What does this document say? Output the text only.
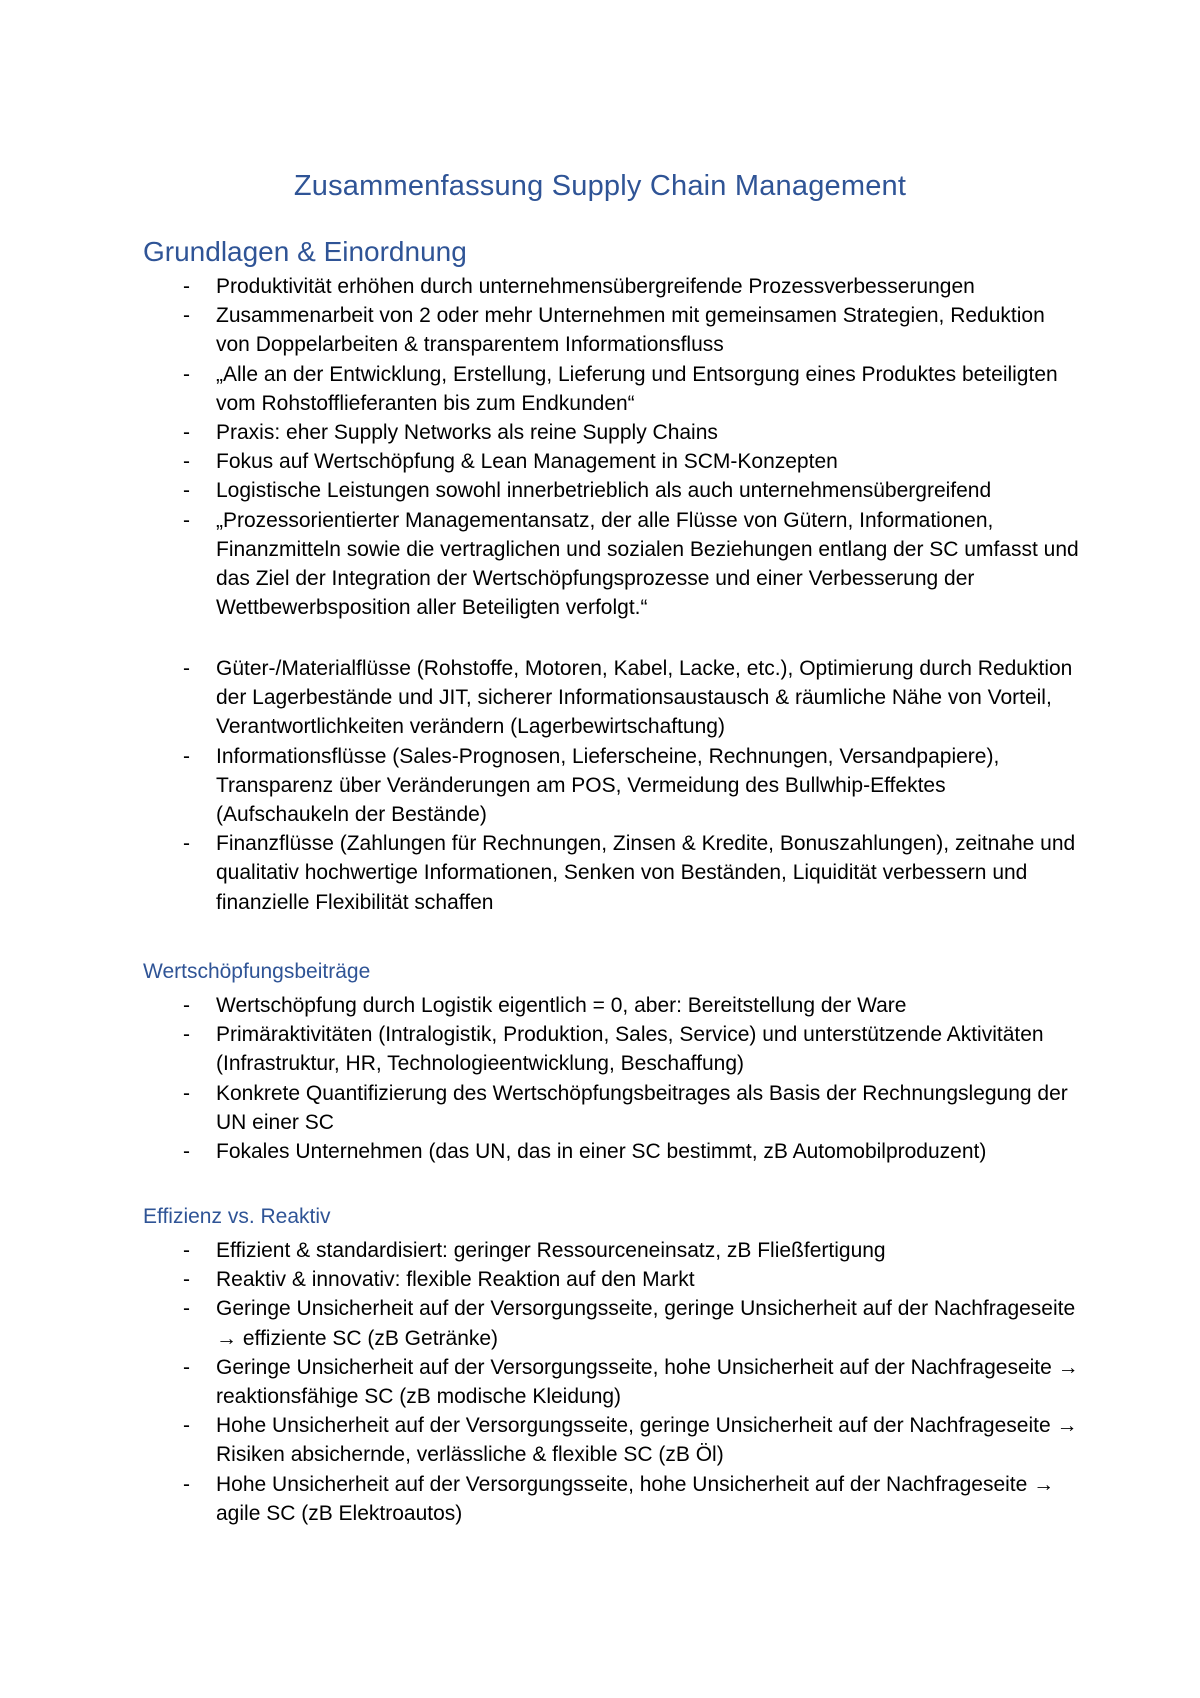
Zusammenfassung Supply Chain Management
Grundlagen & Einordnung
- Produktivität erhöhen durch unternehmensübergreifende Prozessverbesserungen
- Zusammenarbeit von 2 oder mehr Unternehmen mit gemeinsamen Strategien, Reduktion von Doppelarbeiten & transparentem Informationsfluss
- „Alle an der Entwicklung, Erstellung, Lieferung und Entsorgung eines Produktes beteiligten vom Rohstofflieferanten bis zum Endkunden“
- Praxis: eher Supply Networks als reine Supply Chains
- Fokus auf Wertschöpfung & Lean Management in SCM-Konzepten
- Logistische Leistungen sowohl innerbetrieblich als auch unternehmensübergreifend
- „Prozessorientierter Managementansatz, der alle Flüsse von Gütern, Informationen, Finanzmitteln sowie die vertraglichen und sozialen Beziehungen entlang der SC umfasst und das Ziel der Integration der Wertschöpfungsprozesse und einer Verbesserung der Wettbewerbsposition aller Beteiligten verfolgt.“
- Güter-/Materialflüsse (Rohstoffe, Motoren, Kabel, Lacke, etc.), Optimierung durch Reduktion der Lagerbestände und JIT, sicherer Informationsaustausch & räumliche Nähe von Vorteil, Verantwortlichkeiten verändern (Lagerbewirtschaftung)
- Informationsflüsse (Sales-Prognosen, Lieferscheine, Rechnungen, Versandpapiere), Transparenz über Veränderungen am POS, Vermeidung des Bullwhip-Effektes (Aufschaukeln der Bestände)
- Finanzflüsse (Zahlungen für Rechnungen, Zinsen & Kredite, Bonuszahlungen), zeitnahe und qualitativ hochwertige Informationen, Senken von Beständen, Liquidität verbessern und finanzielle Flexibilität schaffen
Wertschöpfungsbeiträge
- Wertschöpfung durch Logistik eigentlich = 0, aber: Bereitstellung der Ware
- Primäraktivitäten (Intralogistik, Produktion, Sales, Service) und unterstützende Aktivitäten (Infrastruktur, HR, Technologieentwicklung, Beschaffung)
- Konkrete Quantifizierung des Wertschöpfungsbeitrages als Basis der Rechnungslegung der UN einer SC
- Fokales Unternehmen (das UN, das in einer SC bestimmt, zB Automobilproduzent)
Effizienz vs. Reaktiv
- Effizient & standardisiert: geringer Ressourceneinsatz, zB Fließfertigung
- Reaktiv & innovativ: flexible Reaktion auf den Markt
- Geringe Unsicherheit auf der Versorgungsseite, geringe Unsicherheit auf der Nachfrageseite → effiziente SC (zB Getränke)
- Geringe Unsicherheit auf der Versorgungsseite, hohe Unsicherheit auf der Nachfrageseite → reaktionsfähige SC (zB modische Kleidung)
- Hohe Unsicherheit auf der Versorgungsseite, geringe Unsicherheit auf der Nachfrageseite → Risiken absichernde, verlässliche & flexible SC (zB Öl)
- Hohe Unsicherheit auf der Versorgungsseite, hohe Unsicherheit auf der Nachfrageseite → agile SC (zB Elektroautos)
